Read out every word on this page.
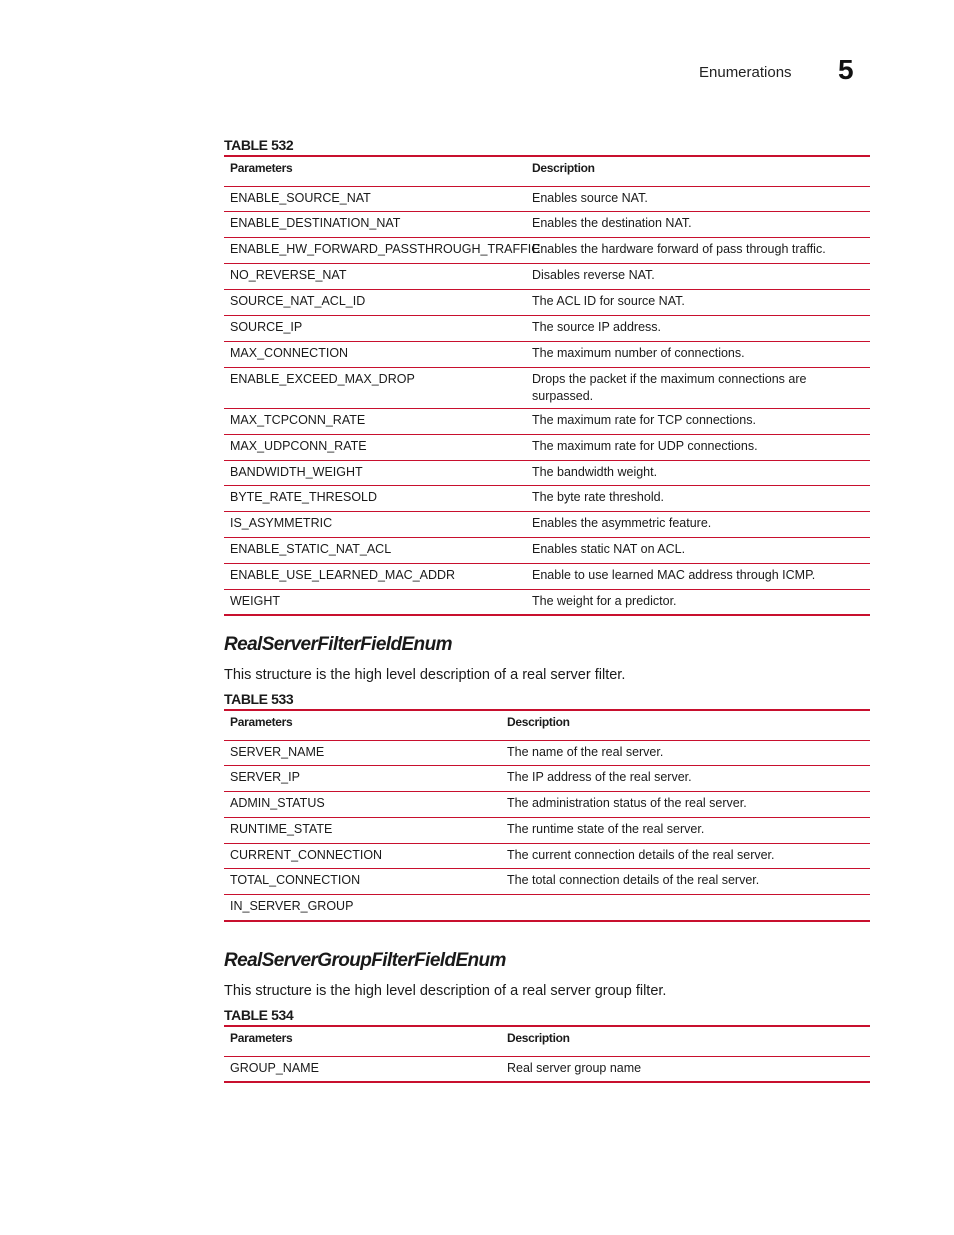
Enumerations 5
TABLE 532
Parameters	Description
ENABLE_SOURCE_NAT	Enables source NAT.
ENABLE_DESTINATION_NAT	Enables the destination NAT.
ENABLE_HW_FORWARD_PASSTHROUGH_TRAFFIC	Enables the hardware forward of pass through traffic.
NO_REVERSE_NAT	Disables reverse NAT.
SOURCE_NAT_ACL_ID	The ACL ID for source NAT.
SOURCE_IP	The source IP address.
MAX_CONNECTION	The maximum number of connections.
ENABLE_EXCEED_MAX_DROP	Drops the packet if the maximum connections are surpassed.
MAX_TCPCONN_RATE	The maximum rate for TCP connections.
MAX_UDPCONN_RATE	The maximum rate for UDP connections.
BANDWIDTH_WEIGHT	The bandwidth weight.
BYTE_RATE_THRESOLD	The byte rate threshold.
IS_ASYMMETRIC	Enables the asymmetric feature.
ENABLE_STATIC_NAT_ACL	Enables static NAT on ACL.
ENABLE_USE_LEARNED_MAC_ADDR	Enable to use learned MAC address through ICMP.
WEIGHT	The weight for a predictor.
RealServerFilterFieldEnum

This structure is the high level description of a real server filter.

TABLE 533
Parameters	Description
SERVER_NAME	The name of the real server.
SERVER_IP	The IP address of the real server.
ADMIN_STATUS	The administration status of the real server.
RUNTIME_STATE	The runtime state of the real server.
CURRENT_CONNECTION	The current connection details of the real server.
TOTAL_CONNECTION	The total connection details of the real server.
IN_SERVER_GROUP	
RealServerGroupFilterFieldEnum

This structure is the high level description of a real server group filter.

TABLE 534
Parameters	Description
GROUP_NAME	Real server group name
